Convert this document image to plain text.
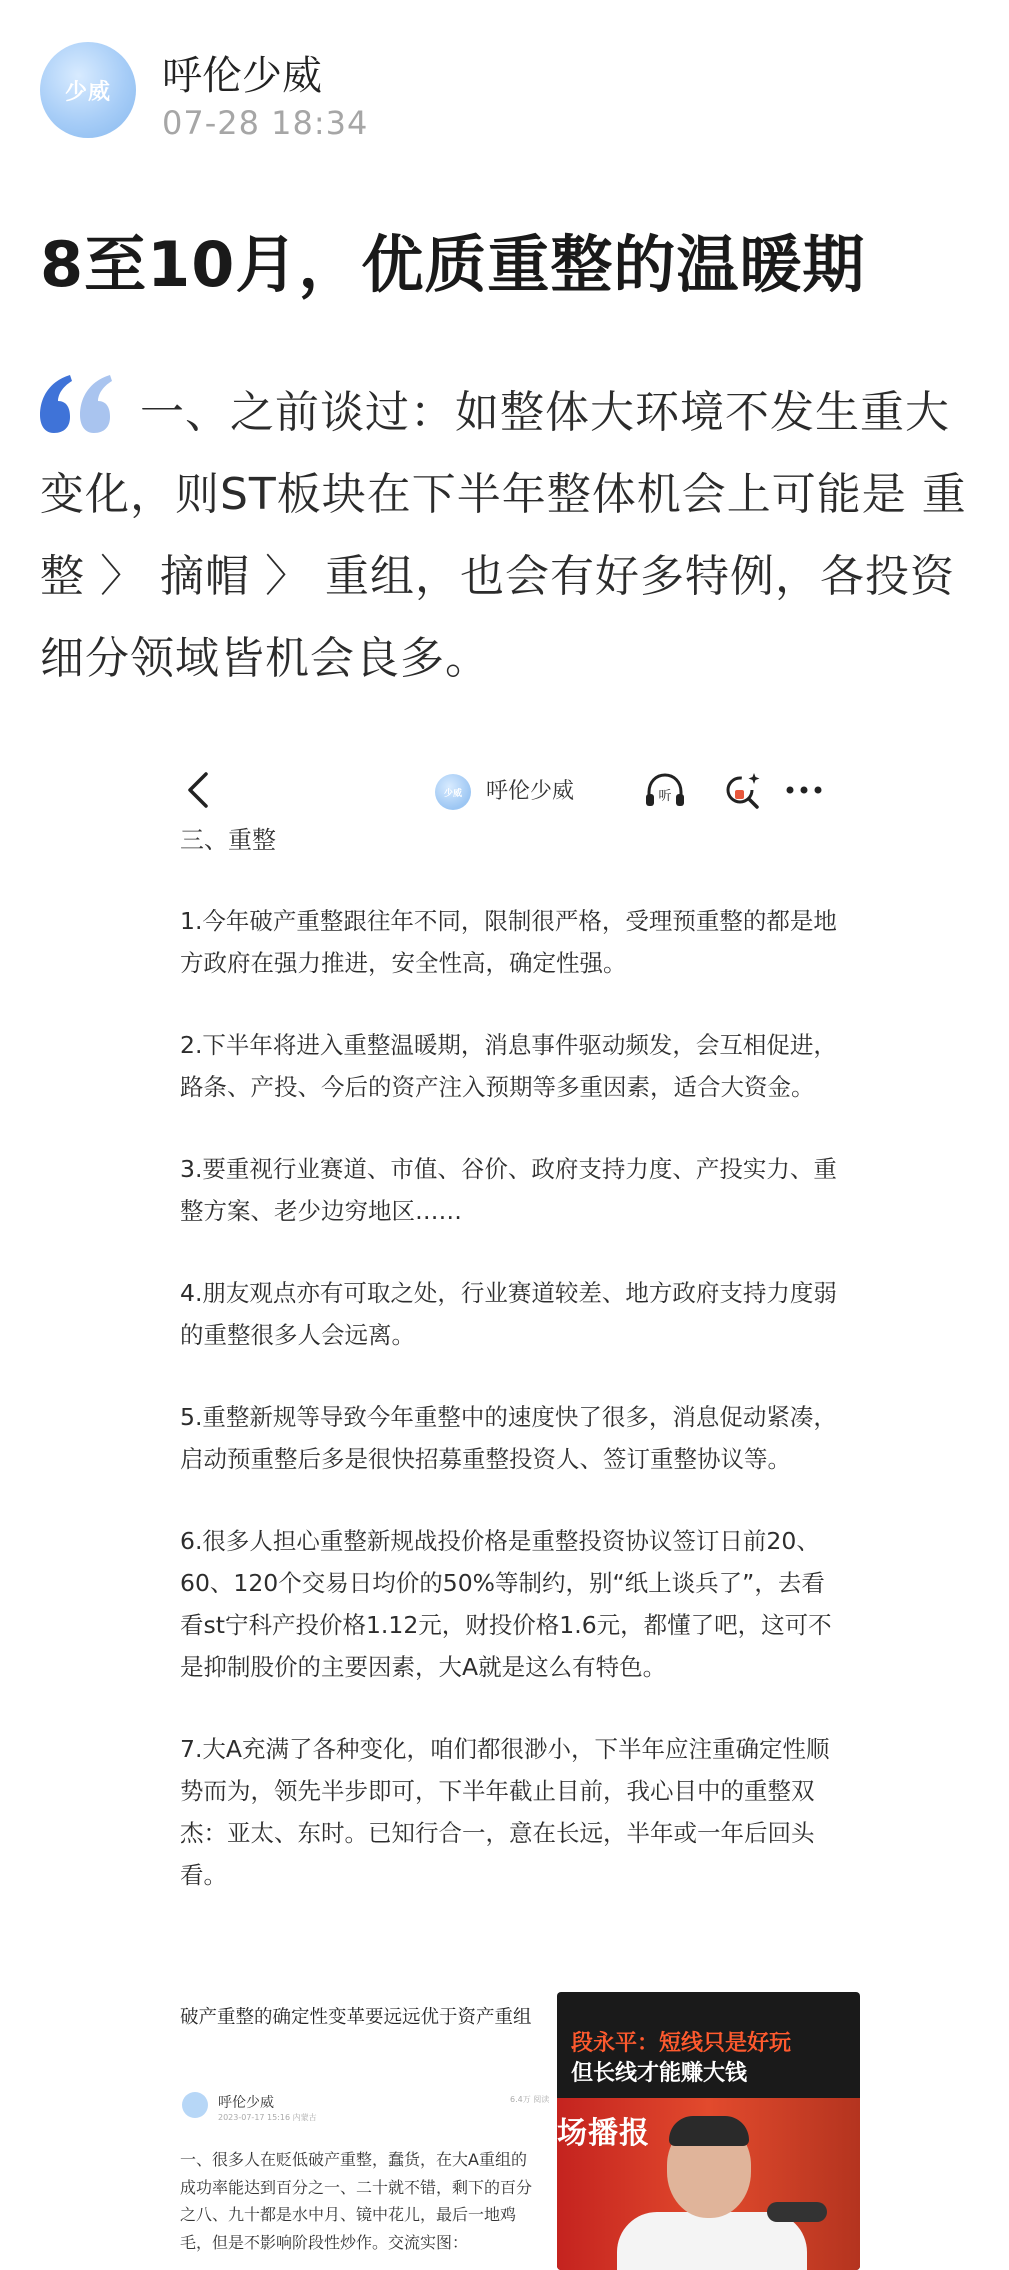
少威 呼伦少威
07-28 18:34
8至10月，优质重整的温暖期

一、之前谈过：如整体大环境不发生重大变化，则ST板块在下半年整体机会上可能是 重整 〉 摘帽 〉 重组，也会有好多特例，各投资细分领域皆机会良多。

少威 呼伦少威	听
三、重整

1.今年破产重整跟往年不同，限制很严格，受理预重整的都是地方政府在强力推进，安全性高，确定性强。

2.下半年将进入重整温暖期，消息事件驱动频发，会互相促进，路条、产投、今后的资产注入预期等多重因素，适合大资金。

3.要重视行业赛道、市值、谷价、政府支持力度、产投实力、重整方案、老少边穷地区……

4.朋友观点亦有可取之处，行业赛道较差、地方政府支持力度弱的重整很多人会远离。

5.重整新规等导致今年重整中的速度快了很多，消息促动紧凑，启动预重整后多是很快招募重整投资人、签订重整协议等。

6.很多人担心重整新规战投价格是重整投资协议签订日前20、60、120个交易日均价的50%等制约，别“纸上谈兵了”，去看看st宁科产投价格1.12元，财投价格1.6元，都懂了吧，这可不是抑制股价的主要因素，大A就是这么有特色。

7.大A充满了各种变化，咱们都很渺小，下半年应注重确定性顺势而为，领先半步即可，下半年截止目前，我心目中的重整双杰：亚太、东时。已知行合一，意在长远，半年或一年后回头看。

破产重整的确定性变革要远远优于资产重组
呼伦少威
2023-07-17 15:16 内蒙古
6.4万 阅读
一、很多人在贬低破产重整，蠢货，在大A重组的成功率能达到百分之一、二十就不错，剩下的百分之八、九十都是水中月、镜中花儿，最后一地鸡毛，但是不影响阶段性炒作。交流实图：
段永平：短线只是好玩
但长线才能赚大钱
场播报
